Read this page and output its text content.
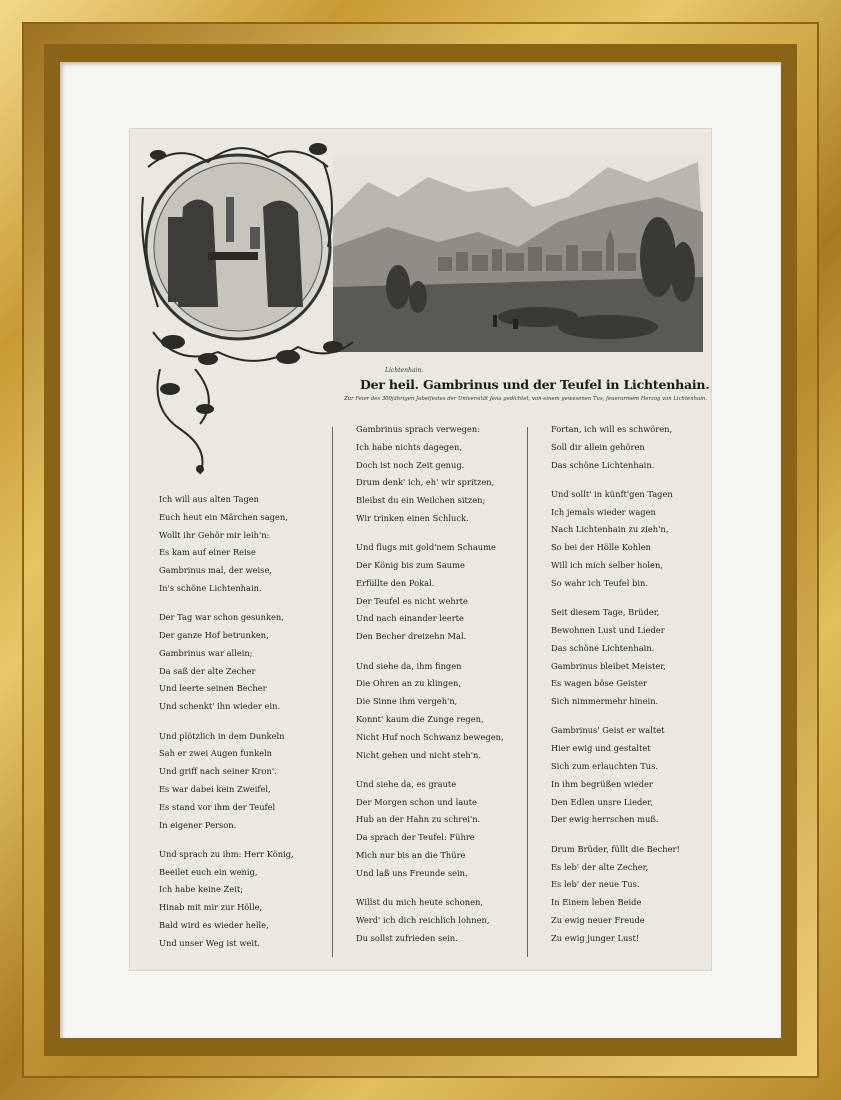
Lichtenhain.
Der heil. Gambrinus und der Teufel in Lichtenhain.
Zur Feier des 300jährigen Jubelfestes der Universität Jena gedichtet, von einem gewesenen Tus, feuerarmem Herzog von Lichtenhain.
Ich will aus alten Tagen
Euch heut ein Märchen sagen,
Wollt ihr Gehör mir leih'n:
Es kam auf einer Reise
Gambrinus mal, der weise,
In's schöne Lichtenhain.
Der Tag war schon gesunken,
Der ganze Hof betrunken,
Gambrinus war allein;
Da saß der alte Zecher
Und leerte seinen Becher
Und schenkt' ihn wieder ein.
Und plötzlich in dem Dunkeln
Sah er zwei Augen funkeln
Und griff nach seiner Kron'.
Es war dabei kein Zweifel,
Es stand vor ihm der Teufel
In eigener Person.
Und sprach zu ihm: Herr König,
Beeilet euch ein wenig,
Ich habe keine Zeit;
Hinab mit mir zur Hölle,
Bald wird es wieder helle,
Und unser Weg ist weit.
Gambrinus sprach verwegen:
Ich habe nichts dagegen,
Doch ist noch Zeit genug.
Drum denk' ich, eh' wir spritzen,
Bleibst du ein Weilchen sitzen;
Wir trinken einen Schluck.
Und flugs mit gold'nem Schaume
Der König bis zum Saume
Erfüllte den Pokal.
Der Teufel es nicht wehrte
Und nach einander leerte
Den Becher dreizehn Mal.
Und siehe da, ihm fingen
Die Ohren an zu klingen,
Die Sinne ihm vergeh'n,
Konnt' kaum die Zunge regen,
Nicht Huf noch Schwanz bewegen,
Nicht gehen und nicht steh'n.
Und siehe da, es graute
Der Morgen schon und laute
Hub an der Hahn zu schrei'n.
Da sprach der Teufel: Führe
Mich nur bis an die Thüre
Und laß uns Freunde sein.
Willst du mich heute schonen,
Werd' ich dich reichlich lohnen,
Du sollst zufrieden sein.
Fortan, ich will es schwören,
Soll dir allein gehören
Das schöne Lichtenhain.
Und sollt' in künft'gen Tagen
Ich jemals wieder wagen
Nach Lichtenhain zu zieh'n,
So bei der Hölle Kohlen
Will ich mich selber holen,
So wahr ich Teufel bin.
Seit diesem Tage, Brüder,
Bewohnen Lust und Lieder
Das schöne Lichtenhain.
Gambrinus bleibet Meister,
Es wagen böse Geister
Sich nimmermehr hinein.
Gambrinus' Geist er waltet
Hier ewig und gestaltet
Sich zum erlauchten Tus.
In ihm begrüßen wieder
Den Edlen unsre Lieder,
Der ewig herrschen muß.
Drum Brüder, füllt die Becher!
Es leb' der alte Zecher,
Es leb' der neue Tus.
In Einem leben Beide
Zu ewig neuer Freude
Zu ewig junger Lust!
